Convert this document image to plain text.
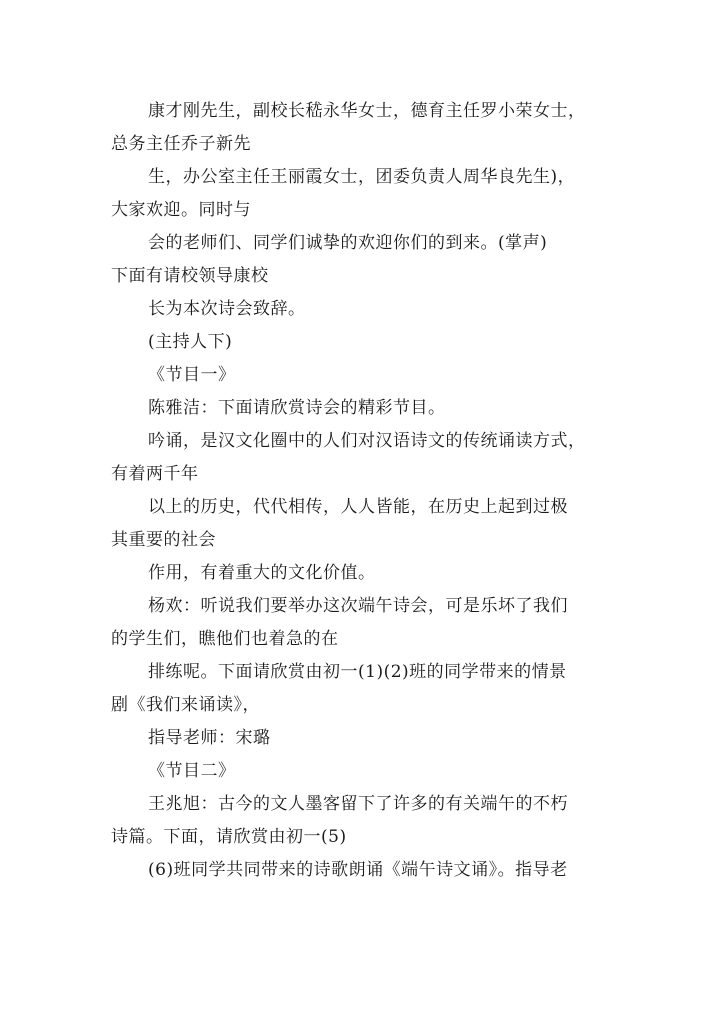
康才刚先生，副校长嵇永华女士，德育主任罗小荣女士，
总务主任乔子新先
生，办公室主任王丽霞女士，团委负责人周华良先生)，
大家欢迎。同时与
会的老师们、同学们诚挚的欢迎你们的到来。(掌声)
下面有请校领导康校
长为本次诗会致辞。
(主持人下)
《节目一》
陈雅洁：下面请欣赏诗会的精彩节目。
吟诵，是汉文化圈中的人们对汉语诗文的传统诵读方式，
有着两千年
以上的历史，代代相传，人人皆能，在历史上起到过极
其重要的社会
作用，有着重大的文化价值。
杨欢：听说我们要举办这次端午诗会，可是乐坏了我们
的学生们，瞧他们也着急的在
排练呢。下面请欣赏由初一(1)(2)班的同学带来的情景
剧《我们来诵读》，
指导老师：宋璐
《节目二》
王兆旭：古今的文人墨客留下了许多的有关端午的不朽
诗篇。下面，请欣赏由初一(5)
(6)班同学共同带来的诗歌朗诵《端午诗文诵》。指导老
